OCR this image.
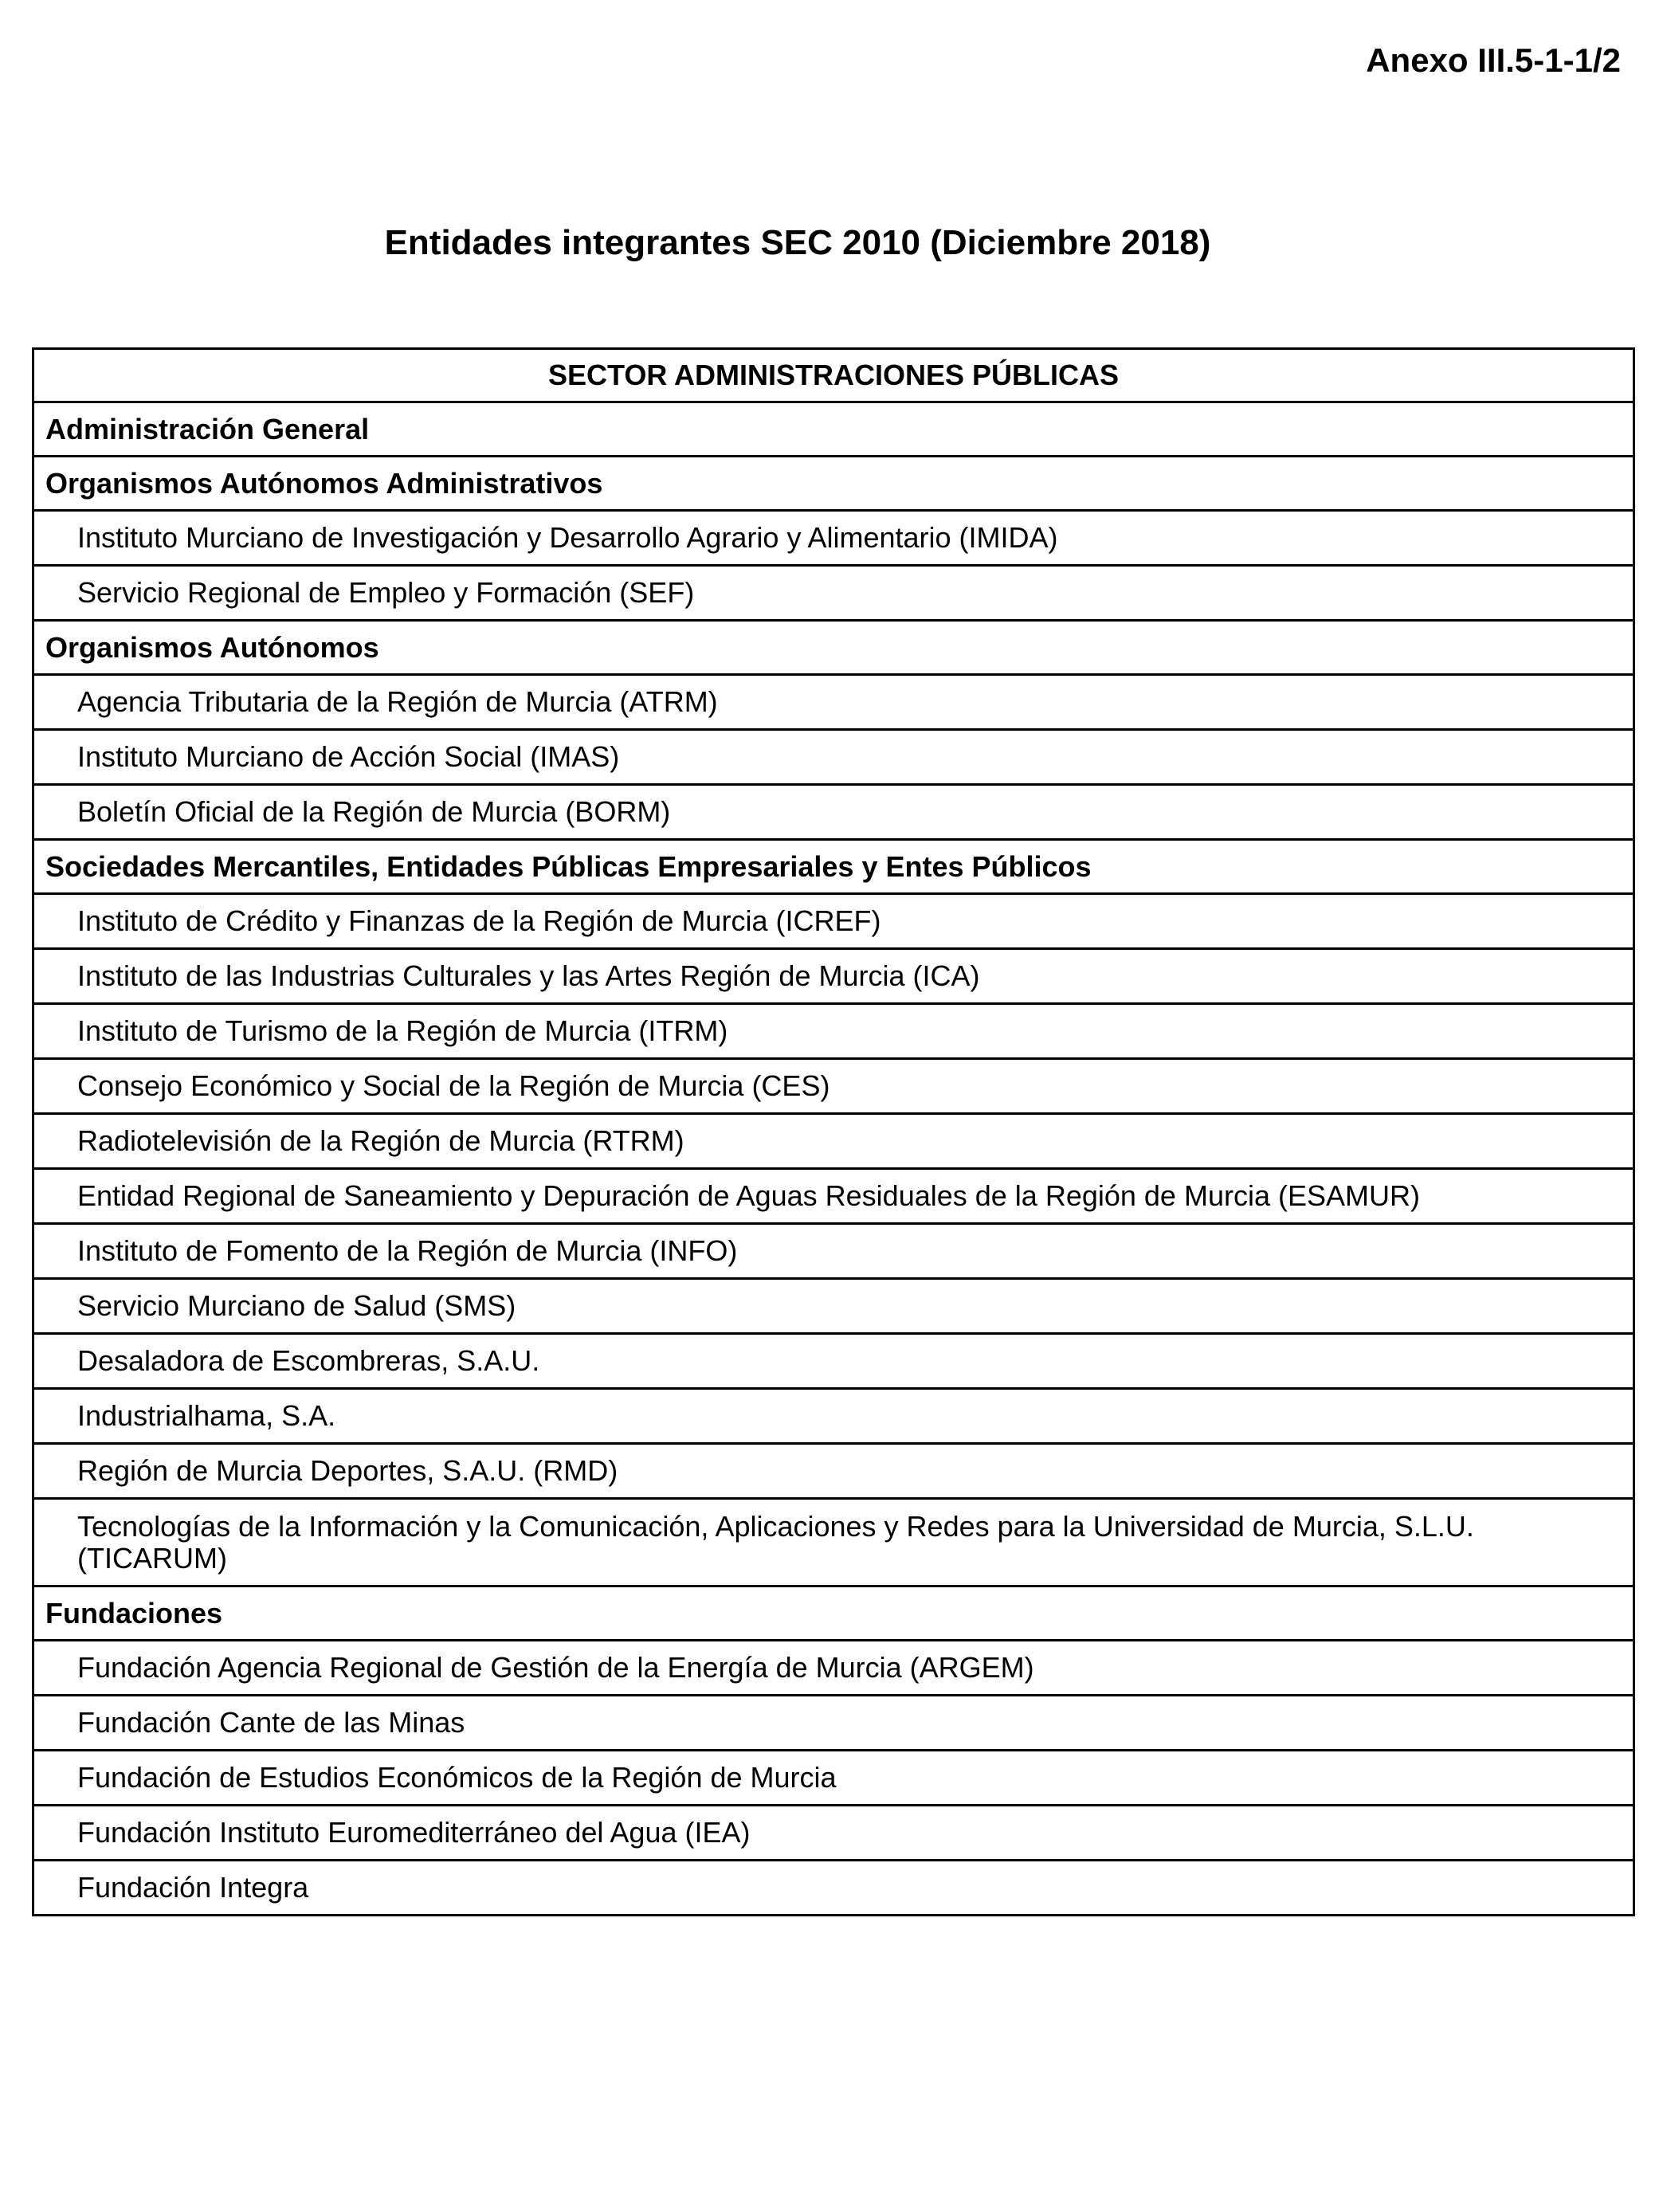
Anexo III.5-1-1/2
Entidades integrantes SEC 2010 (Diciembre 2018)
SECTOR ADMINISTRACIONES PÚBLICAS
Administración General
Organismos Autónomos Administrativos
Instituto Murciano de Investigación y Desarrollo Agrario y Alimentario (IMIDA)
Servicio Regional de Empleo y Formación (SEF)
Organismos Autónomos
Agencia Tributaria de la Región de Murcia (ATRM)
Instituto Murciano de Acción Social (IMAS)
Boletín Oficial de la Región de Murcia (BORM)
Sociedades Mercantiles, Entidades Públicas Empresariales y Entes Públicos
Instituto de Crédito y Finanzas de la Región de Murcia (ICREF)
Instituto de las Industrias Culturales y las Artes Región de Murcia (ICA)
Instituto de Turismo de la Región de Murcia (ITRM)
Consejo Económico y Social de la Región de Murcia (CES)
Radiotelevisión de la Región de Murcia (RTRM)
Entidad Regional de Saneamiento y Depuración de Aguas Residuales de la Región de Murcia (ESAMUR)
Instituto de Fomento de la Región de Murcia (INFO)
Servicio Murciano de Salud (SMS)
Desaladora de Escombreras, S.A.U.
Industrialhama, S.A.
Región de Murcia Deportes, S.A.U. (RMD)

Tecnologías de la Información y la Comunicación, Aplicaciones y Redes para la Universidad de Murcia, S.L.U. (TICARUM)

Fundaciones
Fundación Agencia Regional de Gestión de la Energía de Murcia (ARGEM)
Fundación Cante de las Minas
Fundación de Estudios Económicos de la Región de Murcia
Fundación Instituto Euromediterráneo del Agua (IEA)
Fundación Integra
